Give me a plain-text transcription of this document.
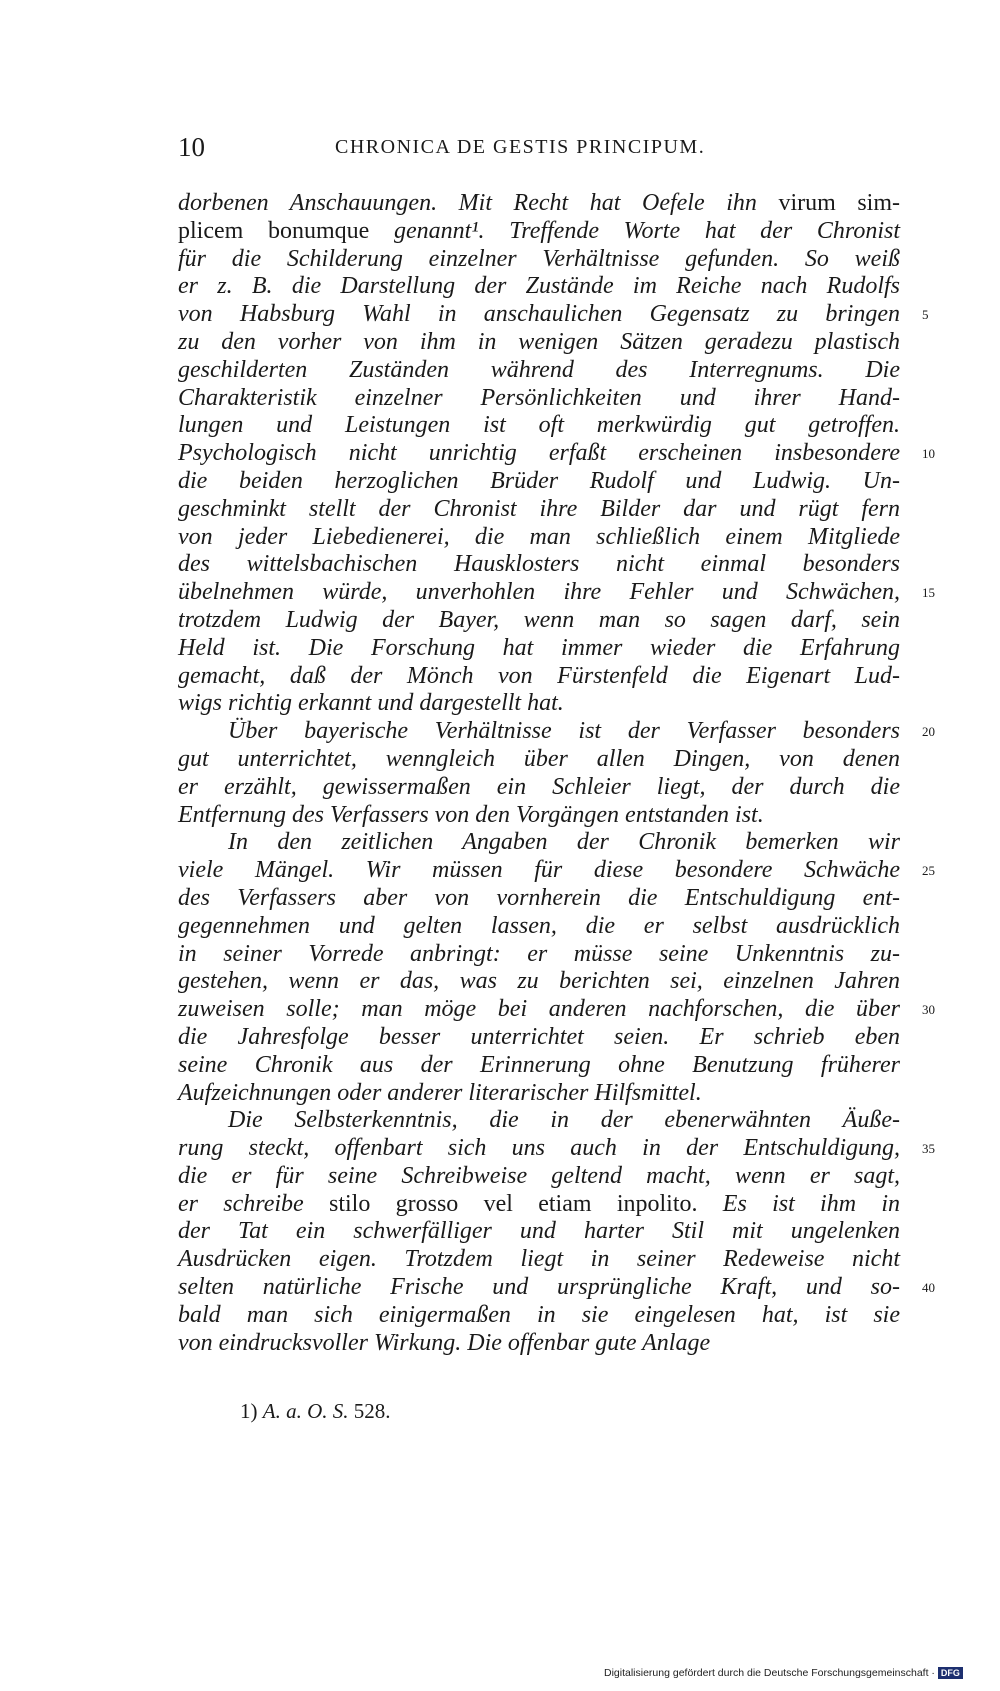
10	CHRONICA DE GESTIS PRINCIPUM.
dorbenen Anschauungen. Mit Recht hat Oefele ihn virum sim-
plicem bonumque genannt¹. Treffende Worte hat der Chronist
für die Schilderung einzelner Verhältnisse gefunden. So weiß
er z. B. die Darstellung der Zustände im Reiche nach Rudolfs
von Habsburg Wahl in anschaulichen Gegensatz zu bringen
zu den vorher von ihm in wenigen Sätzen geradezu plastisch
geschilderten Zuständen während des Interregnums. Die
Charakteristik einzelner Persönlichkeiten und ihrer Hand-
lungen und Leistungen ist oft merkwürdig gut getroffen.
Psychologisch nicht unrichtig erfaßt erscheinen insbesondere
die beiden herzoglichen Brüder Rudolf und Ludwig. Un-
geschminkt stellt der Chronist ihre Bilder dar und rügt fern
von jeder Liebedienerei, die man schließlich einem Mitgliede
des wittelsbachischen Hausklosters nicht einmal besonders
übelnehmen würde, unverhohlen ihre Fehler und Schwächen,
trotzdem Ludwig der Bayer, wenn man so sagen darf, sein
Held ist. Die Forschung hat immer wieder die Erfahrung
gemacht, daß der Mönch von Fürstenfeld die Eigenart Lud-
wigs richtig erkannt und dargestellt hat.
Über bayerische Verhältnisse ist der Verfasser besonders
gut unterrichtet, wenngleich über allen Dingen, von denen
er erzählt, gewissermaßen ein Schleier liegt, der durch die
Entfernung des Verfassers von den Vorgängen entstanden ist.
In den zeitlichen Angaben der Chronik bemerken wir
viele Mängel. Wir müssen für diese besondere Schwäche
des Verfassers aber von vornherein die Entschuldigung ent-
gegennehmen und gelten lassen, die er selbst ausdrücklich
in seiner Vorrede anbringt: er müsse seine Unkenntnis zu-
gestehen, wenn er das, was zu berichten sei, einzelnen Jahren
zuweisen solle; man möge bei anderen nachforschen, die über
die Jahresfolge besser unterrichtet seien. Er schrieb eben
seine Chronik aus der Erinnerung ohne Benutzung früherer
Aufzeichnungen oder anderer literarischer Hilfsmittel.
Die Selbsterkenntnis, die in der ebenerwähnten Äuße-
rung steckt, offenbart sich uns auch in der Entschuldigung,
die er für seine Schreibweise geltend macht, wenn er sagt,
er schreibe stilo grosso vel etiam inpolito. Es ist ihm in
der Tat ein schwerfälliger und harter Stil mit ungelenken
Ausdrücken eigen. Trotzdem liegt in seiner Redeweise nicht
selten natürliche Frische und ursprüngliche Kraft, und so-
bald man sich einigermaßen in sie eingelesen hat, ist sie
von eindrucksvoller Wirkung. Die offenbar gute Anlage
5
10
15
20
25
30
35
40
1) A. a. O. S. 528.
Digitalisierung gefördert durch die Deutsche Forschungsgemeinschaft · DFG
